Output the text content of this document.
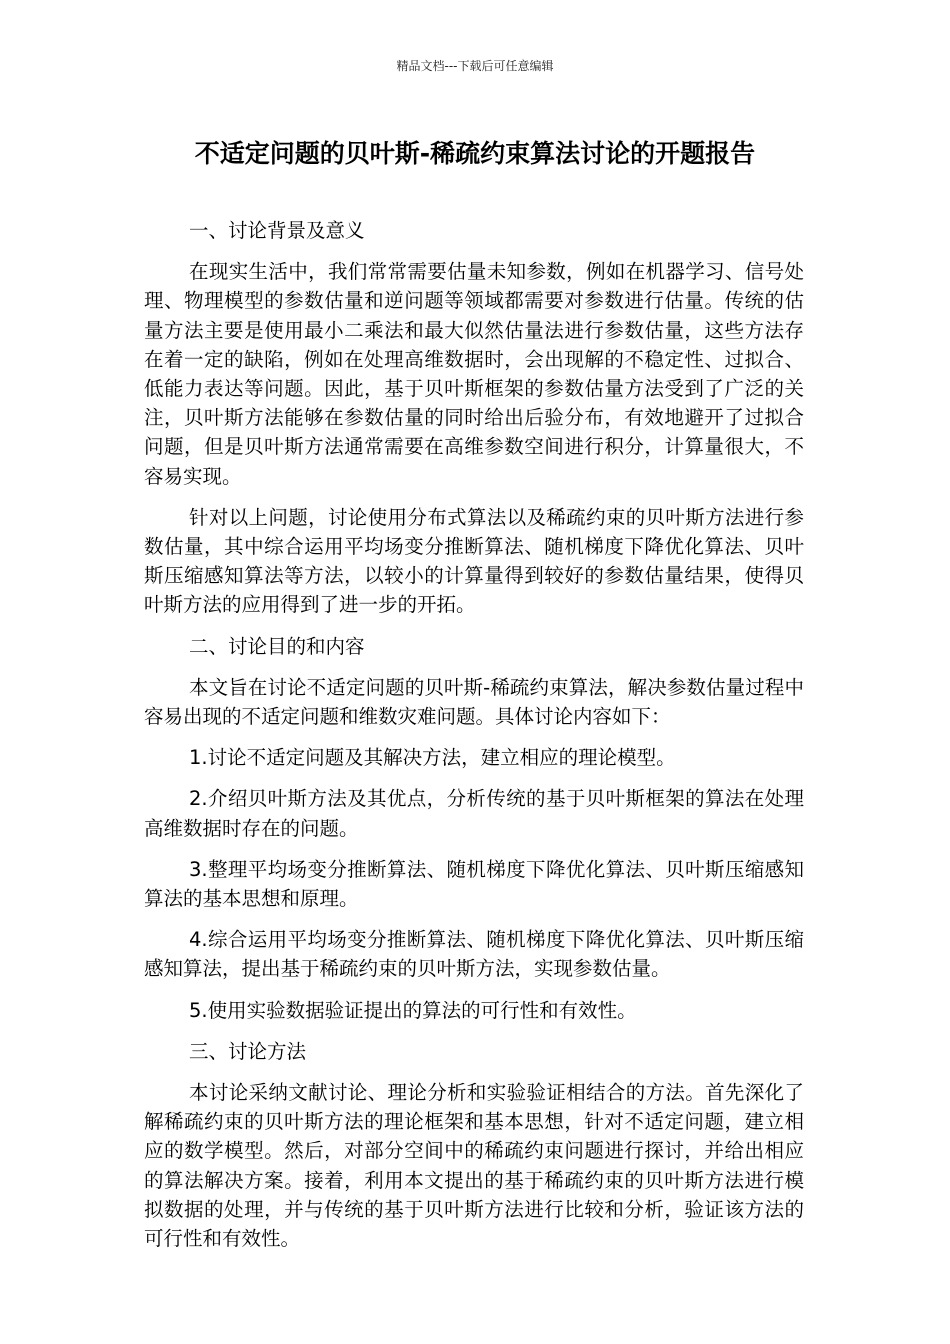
精品文档---下载后可任意编辑
不适定问题的贝叶斯-稀疏约束算法讨论的开题报告

一、讨论背景及意义

在现实生活中，我们常常需要估量未知参数，例如在机器学习、信号处理、物理模型的参数估量和逆问题等领域都需要对参数进行估量。传统的估量方法主要是使用最小二乘法和最大似然估量法进行参数估量，这些方法存在着一定的缺陷，例如在处理高维数据时，会出现解的不稳定性、过拟合、低能力表达等问题。因此，基于贝叶斯框架的参数估量方法受到了广泛的关注，贝叶斯方法能够在参数估量的同时给出后验分布，有效地避开了过拟合问题，但是贝叶斯方法通常需要在高维参数空间进行积分，计算量很大，不容易实现。

针对以上问题，讨论使用分布式算法以及稀疏约束的贝叶斯方法进行参数估量，其中综合运用平均场变分推断算法、随机梯度下降优化算法、贝叶斯压缩感知算法等方法，以较小的计算量得到较好的参数估量结果，使得贝叶斯方法的应用得到了进一步的开拓。

二、讨论目的和内容

本文旨在讨论不适定问题的贝叶斯-稀疏约束算法，解决参数估量过程中容易出现的不适定问题和维数灾难问题。具体讨论内容如下：

1.讨论不适定问题及其解决方法，建立相应的理论模型。

2.介绍贝叶斯方法及其优点，分析传统的基于贝叶斯框架的算法在处理高维数据时存在的问题。

3.整理平均场变分推断算法、随机梯度下降优化算法、贝叶斯压缩感知算法的基本思想和原理。

4.综合运用平均场变分推断算法、随机梯度下降优化算法、贝叶斯压缩感知算法，提出基于稀疏约束的贝叶斯方法，实现参数估量。

5.使用实验数据验证提出的算法的可行性和有效性。

三、讨论方法

本讨论采纳文献讨论、理论分析和实验验证相结合的方法。首先深化了解稀疏约束的贝叶斯方法的理论框架和基本思想，针对不适定问题，建立相应的数学模型。然后，对部分空间中的稀疏约束问题进行探讨，并给出相应的算法解决方案。接着，利用本文提出的基于稀疏约束的贝叶斯方法进行模拟数据的处理，并与传统的基于贝叶斯方法进行比较和分析，验证该方法的可行性和有效性。
